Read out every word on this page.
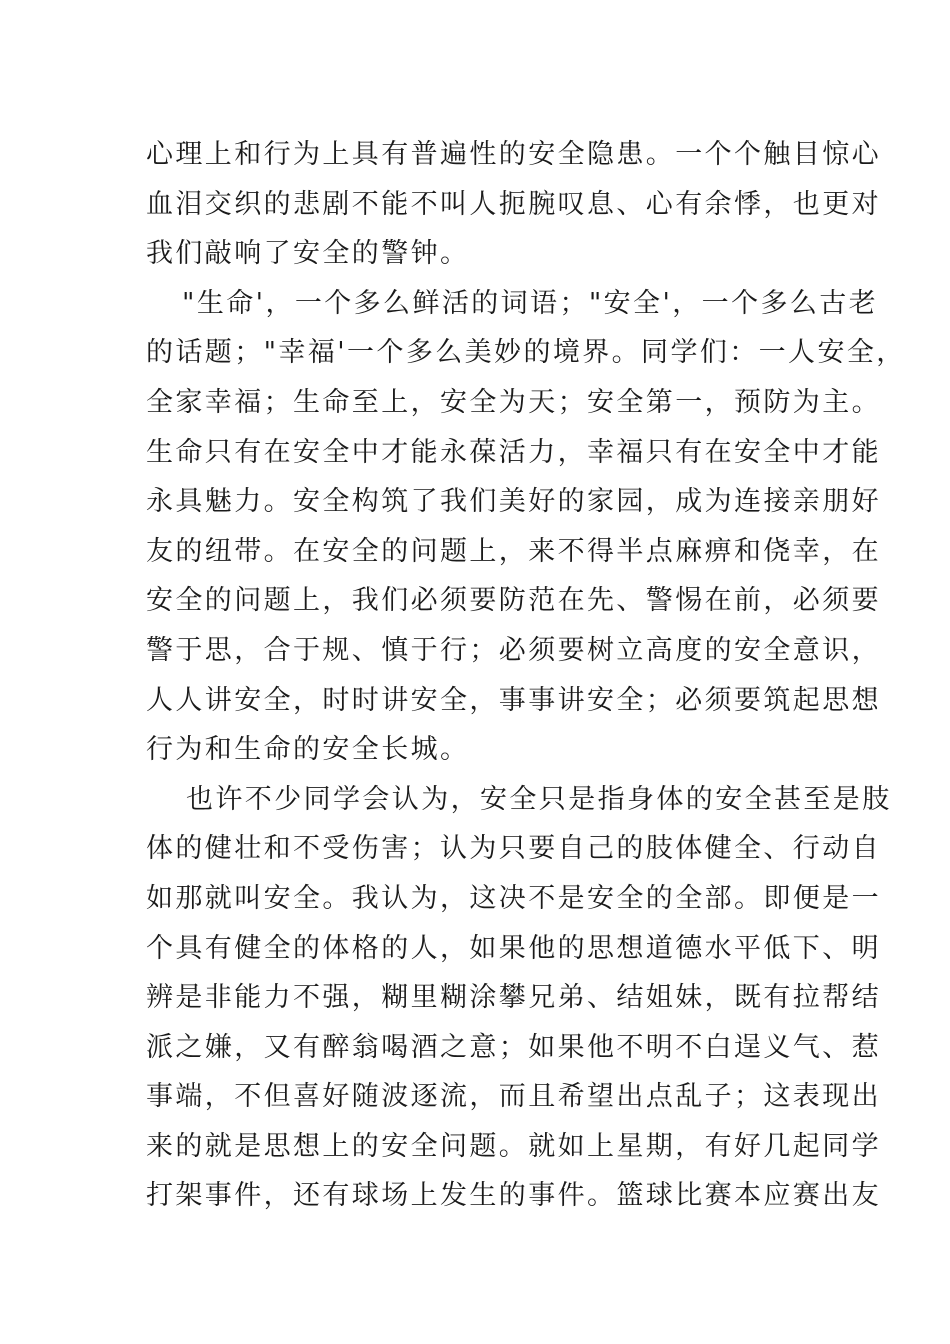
心理上和行为上具有普遍性的安全隐患。一个个触目惊心
血泪交织的悲剧不能不叫人扼腕叹息、心有余悸，也更对
我们敲响了安全的警钟。
"生命'，一个多么鲜活的词语；"安全'，一个多么古老
的话题；"幸福'一个多么美妙的境界。同学们：一人安全，
全家幸福；生命至上，安全为天；安全第一，预防为主。
生命只有在安全中才能永葆活力，幸福只有在安全中才能
永具魅力。安全构筑了我们美好的家园，成为连接亲朋好
友的纽带。在安全的问题上，来不得半点麻痹和侥幸，在
安全的问题上，我们必须要防范在先、警惕在前，必须要
警于思，合于规、慎于行；必须要树立高度的安全意识，
人人讲安全，时时讲安全，事事讲安全；必须要筑起思想
行为和生命的安全长城。
也许不少同学会认为，安全只是指身体的安全甚至是肢
体的健壮和不受伤害；认为只要自己的肢体健全、行动自
如那就叫安全。我认为，这决不是安全的全部。即便是一
个具有健全的体格的人，如果他的思想道德水平低下、明
辨是非能力不强，糊里糊涂攀兄弟、结姐妹，既有拉帮结
派之嫌，又有醉翁喝酒之意；如果他不明不白逞义气、惹
事端，不但喜好随波逐流，而且希望出点乱子；这表现出
来的就是思想上的安全问题。就如上星期，有好几起同学
打架事件，还有球场上发生的事件。篮球比赛本应赛出友
